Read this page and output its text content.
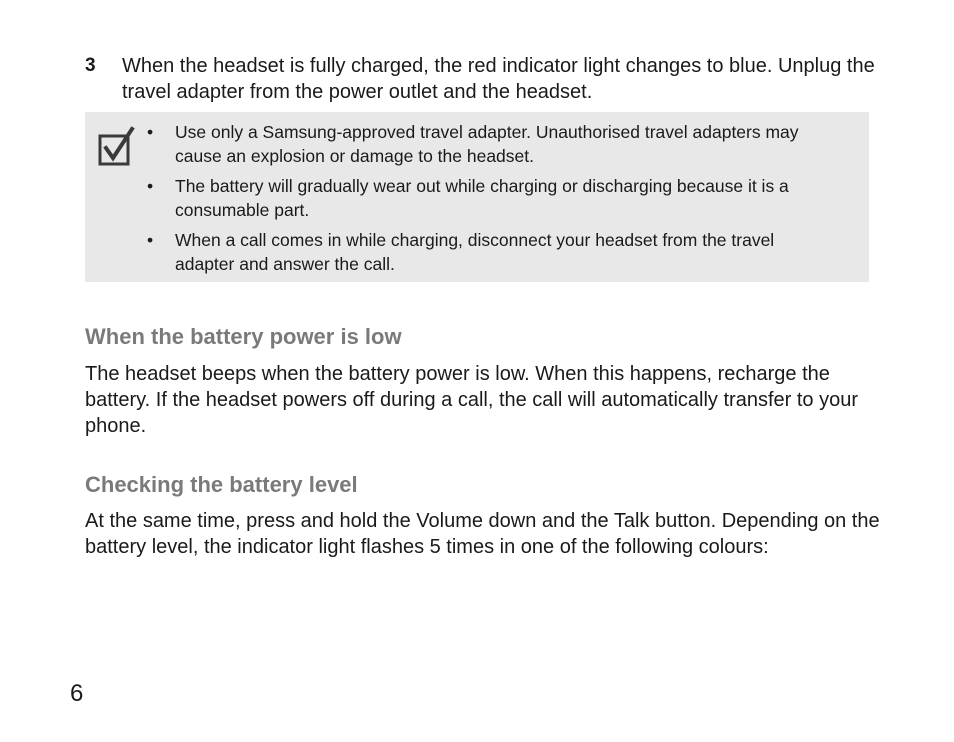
3 When the headset is fully charged, the red indicator light changes to blue. Unplug the travel adapter from the power outlet and the headset.
• Use only a Samsung-approved travel adapter. Unauthorised travel adapters may cause an explosion or damage to the headset.
• The battery will gradually wear out while charging or discharging because it is a consumable part.
• When a call comes in while charging, disconnect your headset from the travel adapter and answer the call.
When the battery power is low

The headset beeps when the battery power is low. When this happens, recharge the battery. If the headset powers off during a call, the call will automatically transfer to your phone.

Checking the battery level

At the same time, press and hold the Volume down and the Talk button. Depending on the battery level, the indicator light flashes 5 times in one of the following colours:

6
